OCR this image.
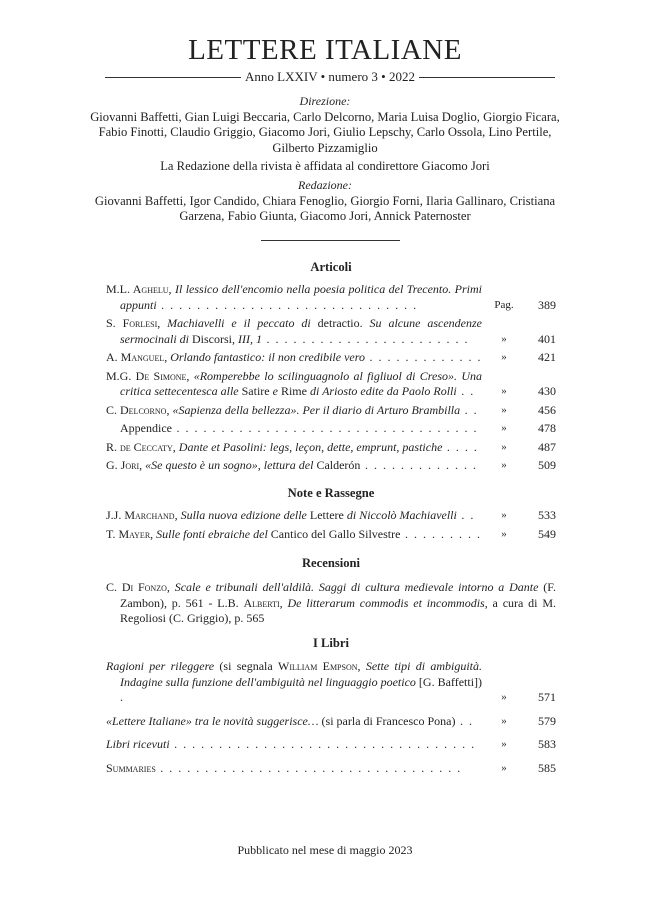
LETTERE ITALIANE
Anno LXXIV • numero 3 • 2022
Direzione:
Giovanni Baffetti, Gian Luigi Beccaria, Carlo Delcorno, Maria Luisa Doglio, Giorgio Ficara, Fabio Finotti, Claudio Griggio, Giacomo Jori, Giulio Lepschy, Carlo Ossola, Lino Pertile, Gilberto Pizzamiglio
La Redazione della rivista è affidata al condirettore Giacomo Jori
Redazione:
Giovanni Baffetti, Igor Candido, Chiara Fenoglio, Giorgio Forni, Ilaria Gallinaro, Cristiana Garzena, Fabio Giunta, Giacomo Jori, Annick Paternoster
Articoli
M.L. Aghelu, Il lessico dell'encomio nella poesia politica del Trecento. Primi appunti . . . . . . . . . . . . . . . . . . . . . . . . . . . . .	Pag.	389
S. Forlesi, Machiavelli e il peccato di detractio. Su alcune ascendenze sermocinali di Discorsi, III, 1 . . . . . . . . . . . . . . . . . . . . . . .	»	401
A. Manguel, Orlando fantastico: il non credibile vero . . . . . . . . . . . . .	»	421
M.G. De Simone, «Romperebbe lo scilinguagnolo al figliuol di Creso». Una critica settecentesca alle Satire e Rime di Ariosto edite da Paolo Rolli . .	»	430
C. Delcorno, «Sapienza della bellezza». Per il diario di Arturo Brambilla . .	»	456
Appendice . . . . . . . . . . . . . . . . . . . . . . . . . . . . . . . . . .	»	478
R. de Ceccaty, Dante et Pasolini: legs, leçon, dette, emprunt, pastiche . . . .	»	487
G. Jori, «Se questo è un sogno», lettura del Calderón . . . . . . . . . . . . .	»	509
Note e Rassegne
J.J. Marchand, Sulla nuova edizione delle Lettere di Niccolò Machiavelli . .	»	533
T. Mayer, Sulle fonti ebraiche del Cantico del Gallo Silvestre . . . . . . . . .	»	549
Recensioni
C. Di Fonzo, Scale e tribunali dell'aldilà. Saggi di cultura medievale intorno a Dante (F. Zambon), p. 561 - L.B. Alberti, De litterarum commodis et incommodis, a cura di M. Regoliosi (C. Griggio), p. 565
I Libri
Ragioni per rileggere (si segnala William Empson, Sette tipi di ambiguità. Indagine sulla funzione dell'ambiguità nel linguaggio poetico [G. Baffetti]) .	»	571
«Lettere Italiane» tra le novità suggerisce… (si parla di Francesco Pona) . .	»	579
Libri ricevuti . . . . . . . . . . . . . . . . . . . . . . . . . . . . . . . . . .	»	583
Summaries . . . . . . . . . . . . . . . . . . . . . . . . . . . . . . . . . .	»	585
Pubblicato nel mese di maggio 2023
